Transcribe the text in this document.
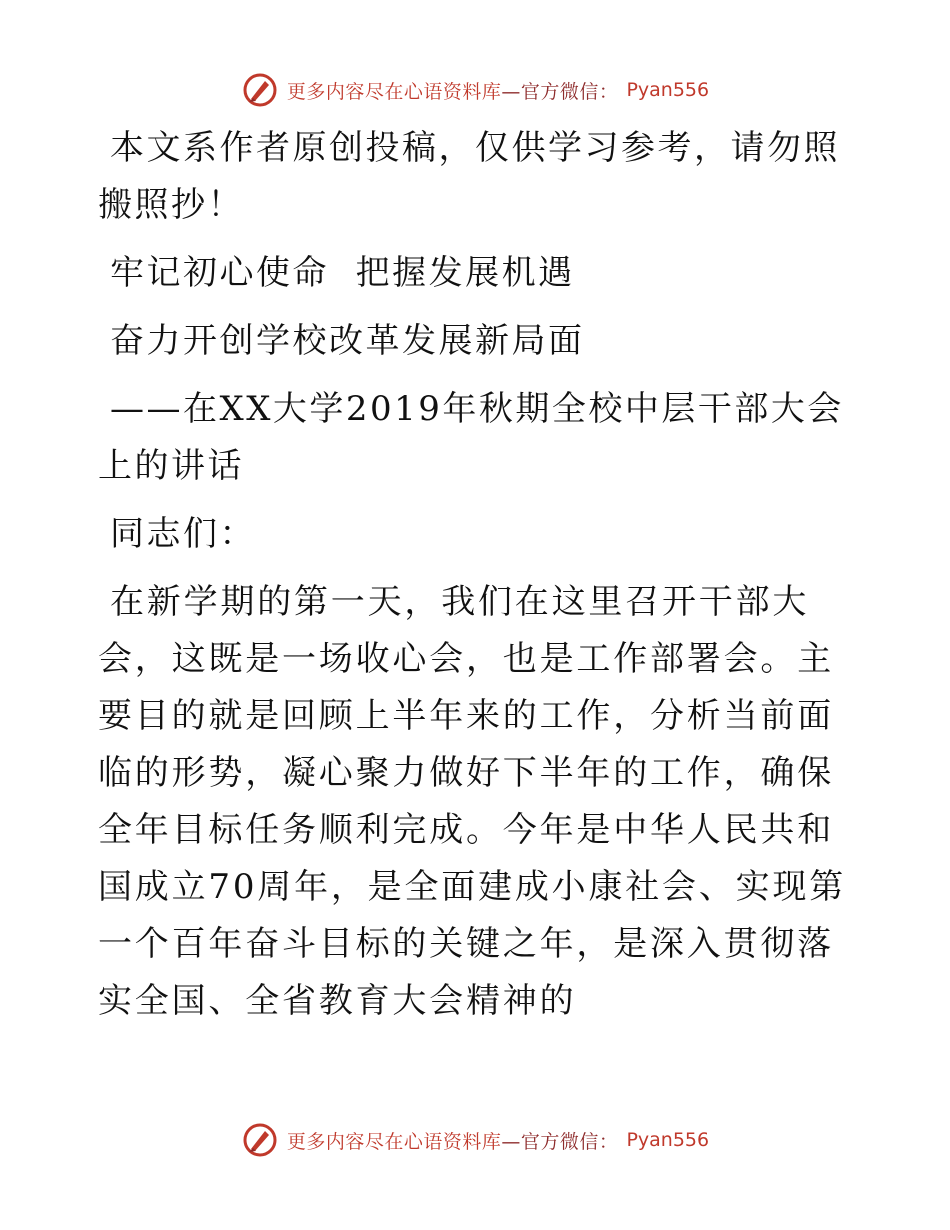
更多内容尽在心语资料库—官方微信： Pyan556

本文系作者原创投稿，仅供学习参考，请勿照搬照抄！

牢记初心使命  把握发展机遇

奋力开创学校改革发展新局面

——在XX大学2019年秋期全校中层干部大会上的讲话

同志们：

在新学期的第一天，我们在这里召开干部大会，这既是一场收心会，也是工作部署会。主要目的就是回顾上半年来的工作，分析当前面临的形势，凝心聚力做好下半年的工作，确保全年目标任务顺利完成。今年是中华人民共和国成立70周年，是全面建成小康社会、实现第一个百年奋斗目标的关键之年，是深入贯彻落实全国、全省教育大会精神的

更多内容尽在心语资料库—官方微信： Pyan556
